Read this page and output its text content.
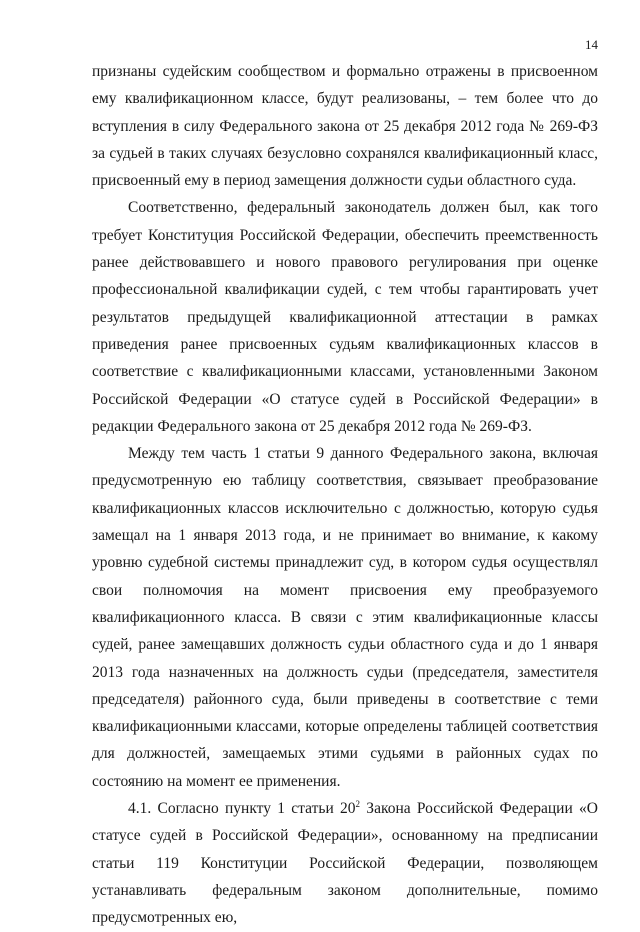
14

признаны судейским сообществом и формально отражены в присвоенном ему квалификационном классе, будут реализованы, – тем более что до вступления в силу Федерального закона от 25 декабря 2012 года № 269-ФЗ за судьей в таких случаях безусловно сохранялся квалификационный класс, присвоенный ему в период замещения должности судьи областного суда.

Соответственно, федеральный законодатель должен был, как того требует Конституция Российской Федерации, обеспечить преемственность ранее действовавшего и нового правового регулирования при оценке профессиональной квалификации судей, с тем чтобы гарантировать учет результатов предыдущей квалификационной аттестации в рамках приведения ранее присвоенных судьям квалификационных классов в соответствие с квалификационными классами, установленными Законом Российской Федерации «О статусе судей в Российской Федерации» в редакции Федерального закона от 25 декабря 2012 года № 269-ФЗ.

Между тем часть 1 статьи 9 данного Федерального закона, включая предусмотренную ею таблицу соответствия, связывает преобразование квалификационных классов исключительно с должностью, которую судья замещал на 1 января 2013 года, и не принимает во внимание, к какому уровню судебной системы принадлежит суд, в котором судья осуществлял свои полномочия на момент присвоения ему преобразуемого квалификационного класса. В связи с этим квалификационные классы судей, ранее замещавших должность судьи областного суда и до 1 января 2013 года назначенных на должность судьи (председателя, заместителя председателя) районного суда, были приведены в соответствие с теми квалификационными классами, которые определены таблицей соответствия для должностей, замещаемых этими судьями в районных судах по состоянию на момент ее применения.

4.1. Согласно пункту 1 статьи $20^2$ Закона Российской Федерации «О статусе судей в Российской Федерации», основанному на предписании статьи 119 Конституции Российской Федерации, позволяющем устанавливать федеральным законом дополнительные, помимо предусмотренных ею,
